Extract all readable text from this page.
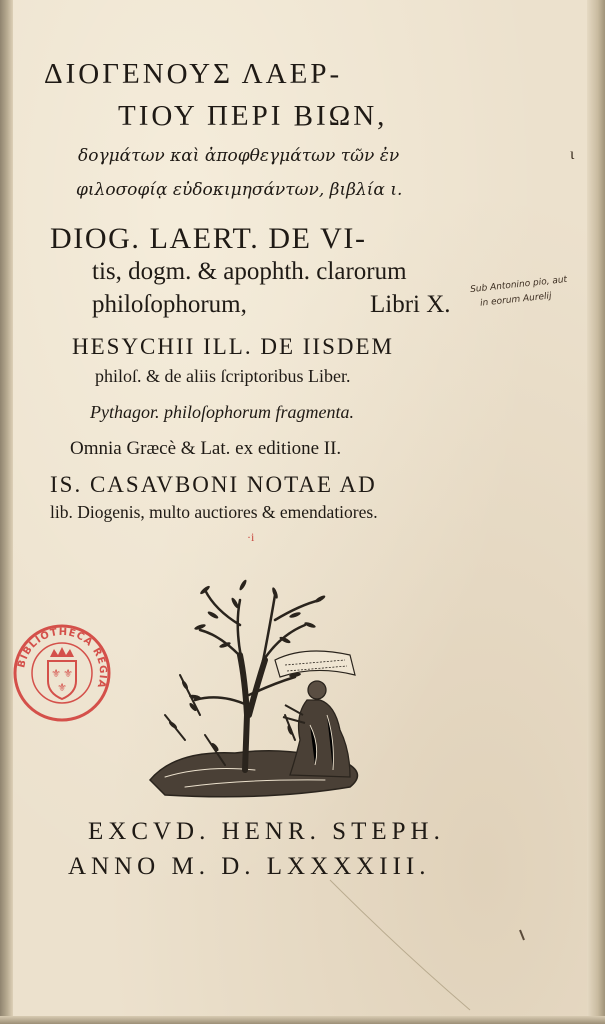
ΔΙΟΓΕΝΟΥΣ ΛΑΕΡ-
ΤΙΟΥ ΠΕΡΙ ΒΙΩΝ,
δογμάτων καὶ ἀποφθεγμάτων τῶν ἐν
φιλοσοφίᾳ εὐδοκιμησάντων, βιβλία ι.
DIOG. LAERT. DE VI-
tis, dogm. & apophth. clarorum
philoſophorum,	Libri X.
Sub Antonino pio, aut
in eorum Aurelij
ɩ
HESYCHII ILL. DE IISDEM
philoſ. & de aliis ſcriptoribus Liber.
Pythagor. philoſophorum fragmenta.
Omnia Græcè & Lat. ex editione II.
IS. CASAVBONI NOTAE AD
lib. Diogenis, multo auctiores & emendatiores.
·i
BIBLIOTHECA REGIA
⚜ ⚜
⚜
EXCVD. HENR. STEPH.
ANNO M. D. LXXXXIII.
